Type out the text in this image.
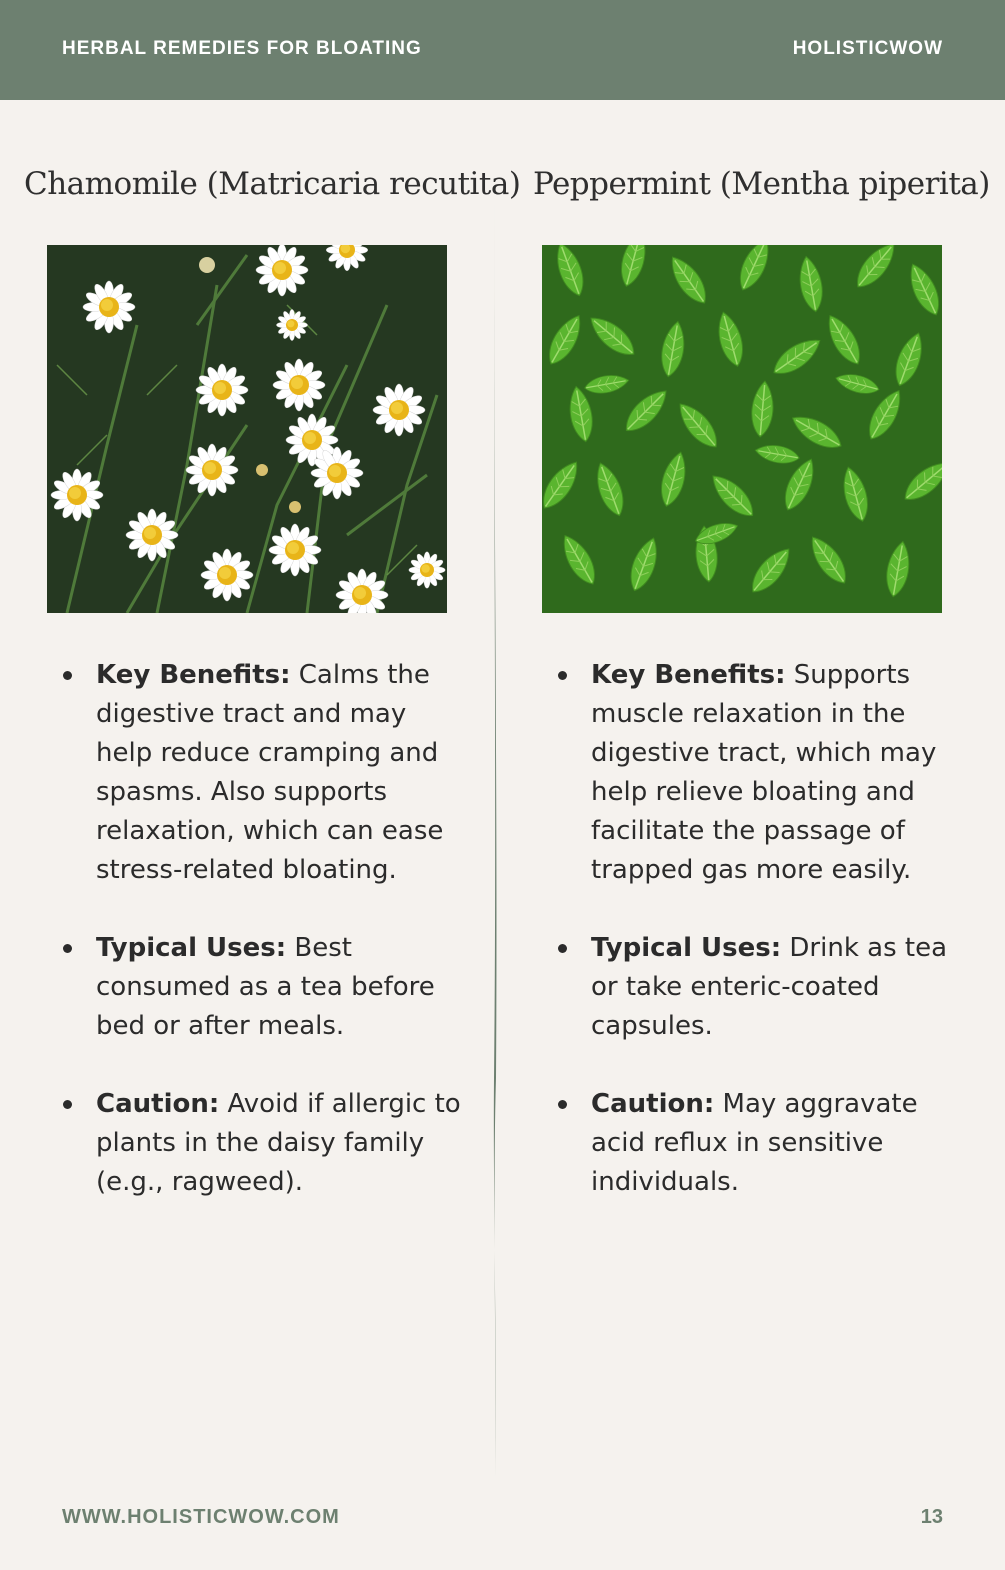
HERBAL REMEDIES FOR BLOATING	HOLISTICWOW
Chamomile (Matricaria recutita)
Key Benefits: Calms the digestive tract and may help reduce cramping and spasms. Also supports relaxation, which can ease stress-related bloating.
Typical Uses: Best consumed as a tea before bed or after meals.
Caution: Avoid if allergic to plants in the daisy family (e.g., ragweed).
Peppermint (Mentha piperita)
Key Benefits: Supports muscle relaxation in the digestive tract, which may help relieve bloating and facilitate the passage of trapped gas more easily.
Typical Uses: Drink as tea or take enteric-coated capsules.
Caution: May aggravate acid reflux in sensitive individuals.
WWW.HOLISTICWOW.COM	13
